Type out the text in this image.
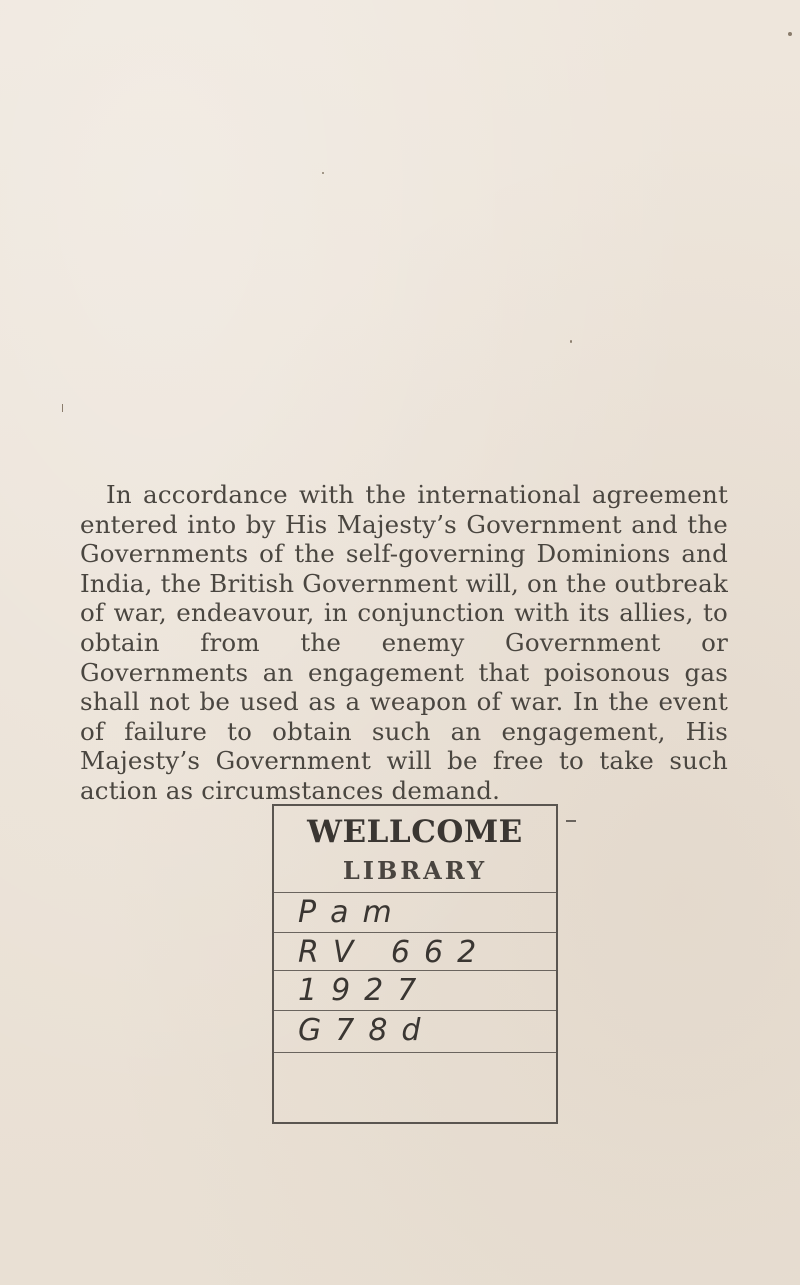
In accordance with the international agreement entered into by His Majesty’s Government and the Governments of the self-governing Dominions and India, the British Government will, on the outbreak of war, endeavour, in conjunction with its allies, to obtain from the enemy Government or Governments an engagement that poisonous gas shall not be used as a weapon of war. In the event of failure to obtain such an engagement, His Majesty’s Government will be free to take such action as circumstances demand.

WELLCOME
LIBRARY
Pam
RV 662
1927
G78d
